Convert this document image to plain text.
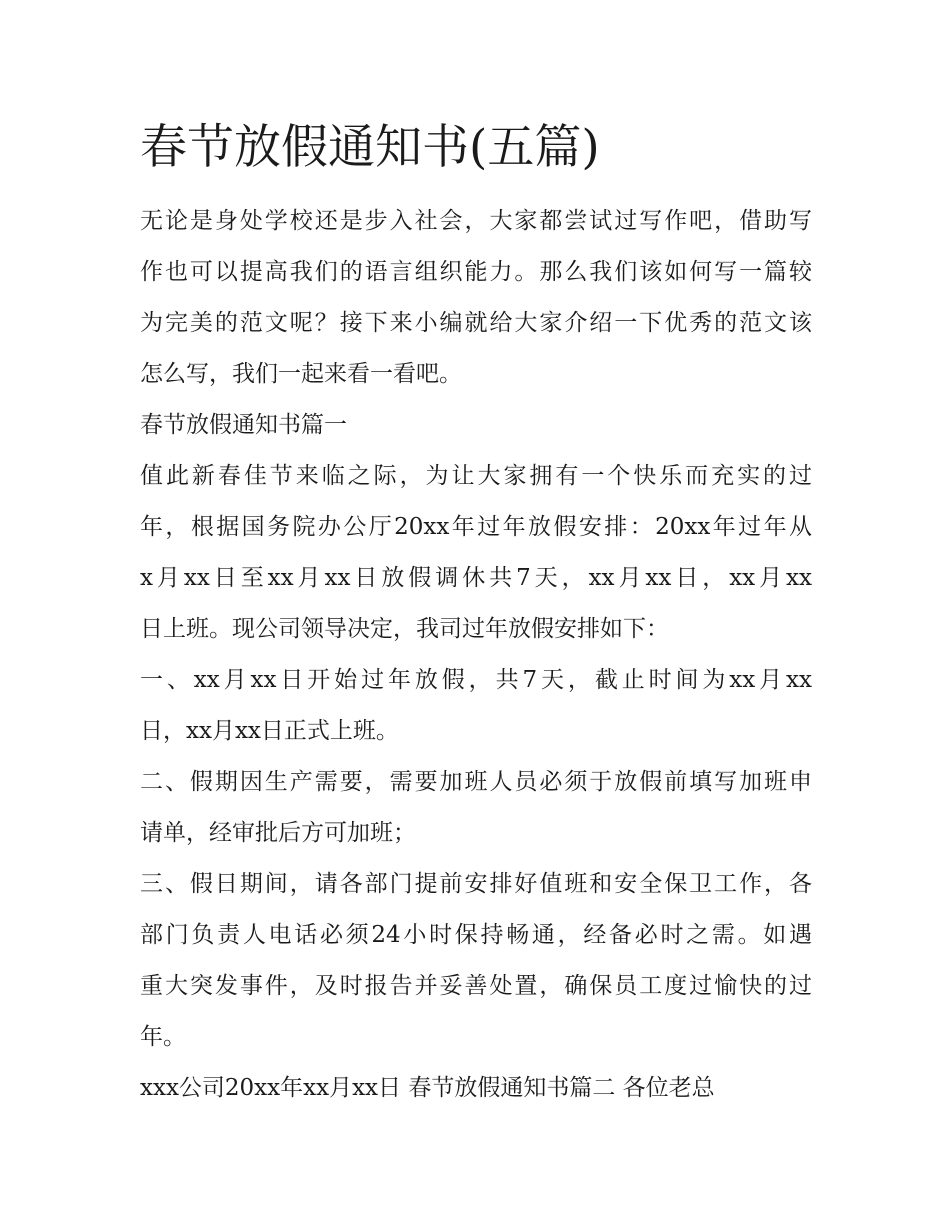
春节放假通知书(五篇)
无论是身处学校还是步入社会，大家都尝试过写作吧，借助写
作也可以提高我们的语言组织能力。那么我们该如何写一篇较
为完美的范文呢？接下来小编就给大家介绍一下优秀的范文该
怎么写，我们一起来看一看吧。
春节放假通知书篇一
值此新春佳节来临之际，为让大家拥有一个快乐而充实的过
年，根据国务院办公厅20xx年过年放假安排：20xx年过年从
x月xx日至xx月xx日放假调休共7天，xx月xx日，xx月xx
日上班。现公司领导决定，我司过年放假安排如下：
一、xx月xx日开始过年放假，共7天，截止时间为xx月xx
日，xx月xx日正式上班。
二、假期因生产需要，需要加班人员必须于放假前填写加班申
请单，经审批后方可加班；
三、假日期间，请各部门提前安排好值班和安全保卫工作，各
部门负责人电话必须24小时保持畅通，经备必时之需。如遇
重大突发事件，及时报告并妥善处置，确保员工度过愉快的过
年。
xxx公司20xx年xx月xx日 春节放假通知书篇二 各位老总
